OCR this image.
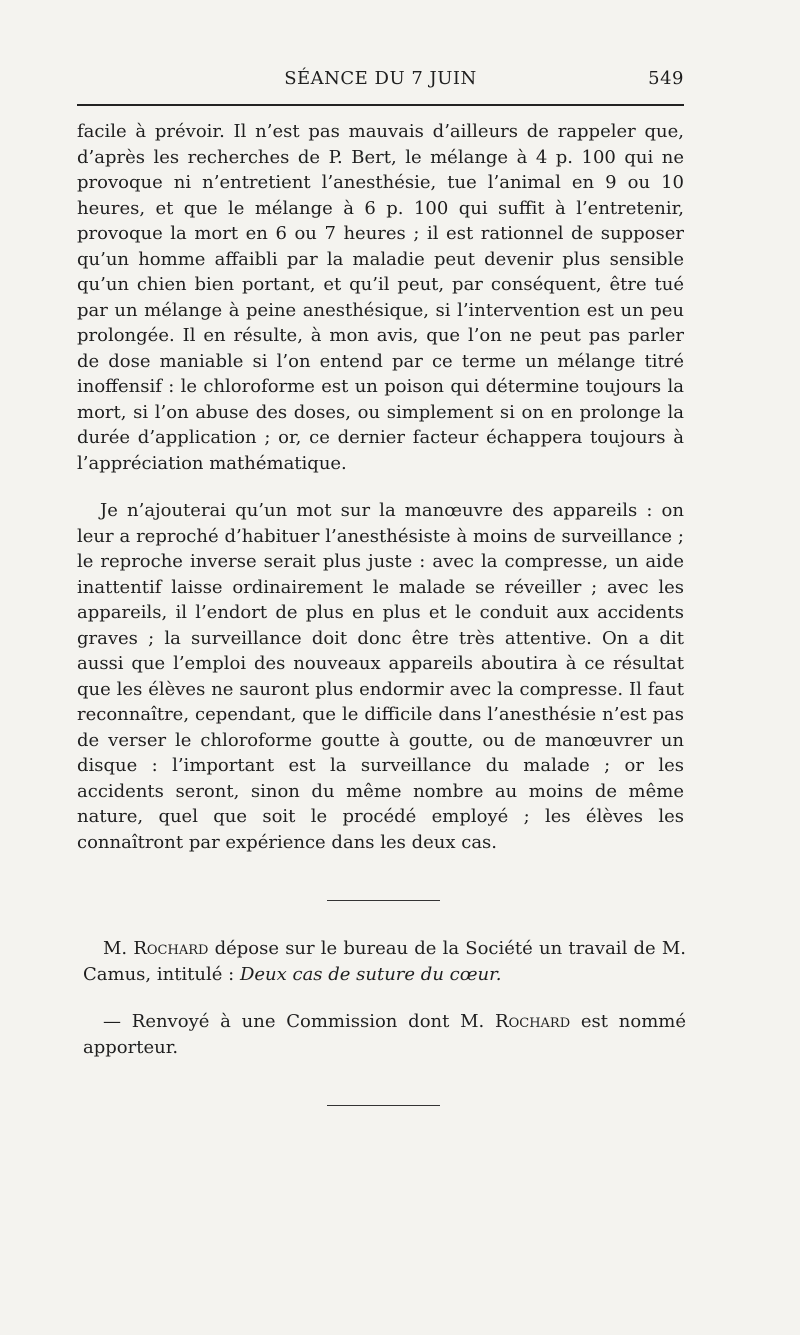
SÉANCE DU 7 JUIN	549

facile à prévoir. Il n’est pas mauvais d’ailleurs de rappeler que, d’après les recherches de P. Bert, le mélange à 4 p. 100 qui ne provoque ni n’entretient l’anesthésie, tue l’animal en 9 ou 10 heures, et que le mélange à 6 p. 100 qui suffit à l’entretenir, provoque la mort en 6 ou 7 heures ; il est rationnel de supposer qu’un homme affaibli par la maladie peut devenir plus sensible qu’un chien bien portant, et qu’il peut, par conséquent, être tué par un mélange à peine anesthésique, si l’intervention est un peu prolongée. Il en résulte, à mon avis, que l’on ne peut pas parler de dose maniable si l’on entend par ce terme un mélange titré inoffensif : le chloroforme est un poison qui détermine toujours la mort, si l’on abuse des doses, ou simplement si on en prolonge la durée d’application ; or, ce dernier facteur échappera toujours à l’appréciation mathématique.

Je n’ajouterai qu’un mot sur la manœuvre des appareils : on leur a reproché d’habituer l’anesthésiste à moins de surveillance ; le reproche inverse serait plus juste : avec la compresse, un aide inattentif laisse ordinairement le malade se réveiller ; avec les appareils, il l’endort de plus en plus et le conduit aux accidents graves ; la surveillance doit donc être très attentive. On a dit aussi que l’emploi des nouveaux appareils aboutira à ce résultat que les élèves ne sauront plus endormir avec la compresse. Il faut reconnaître, cependant, que le difficile dans l’anesthésie n’est pas de verser le chloroforme goutte à goutte, ou de manœuvrer un disque : l’important est la surveillance du malade ; or les accidents seront, sinon du même nombre au moins de même nature, quel que soit le procédé employé ; les élèves les connaîtront par expérience dans les deux cas.

M. Rochard dépose sur le bureau de la Société un travail de M. Camus, intitulé : Deux cas de suture du cœur.

— Renvoyé à une Commission dont M. Rochard est nommé apporteur.
